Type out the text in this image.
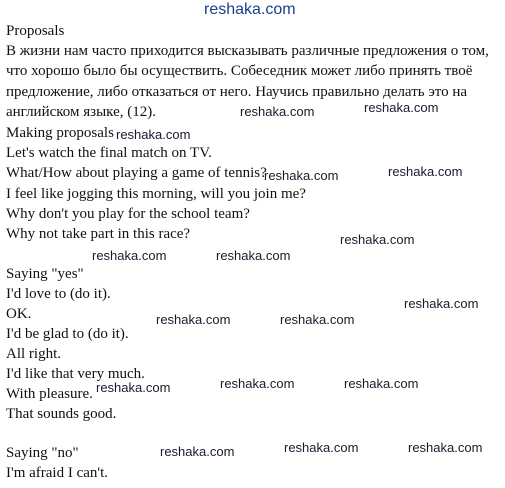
Proposals
В жизни нам часто приходится высказывать различные предложения о том,
что хорошо было бы осуществить. Собеседник может либо принять твоё
предложение, либо отказаться от него. Научись правильно делать это на
английском языке, (12).
Making proposals
Let's watch the final match on TV.
What/How about playing a game of tennis?
I feel like jogging this morning, will you join me?
Why don't you play for the school team?
Why not take part in this race?
Saying "yes"
I'd love to (do it).
OK.
I'd be glad to (do it).
All right.
I'd like that very much.
With pleasure.
That sounds good.
Saying "no"
I'm afraid I can't.
reshaka.com
reshaka.com
reshaka.com
reshaka.com
reshaka.com
reshaka.com
reshaka.com
reshaka.com
reshaka.com
reshaka.com
reshaka.com	reshaka.com
reshaka.com	reshaka.com	reshaka.com
reshaka.com	reshaka.com
reshaka.com
